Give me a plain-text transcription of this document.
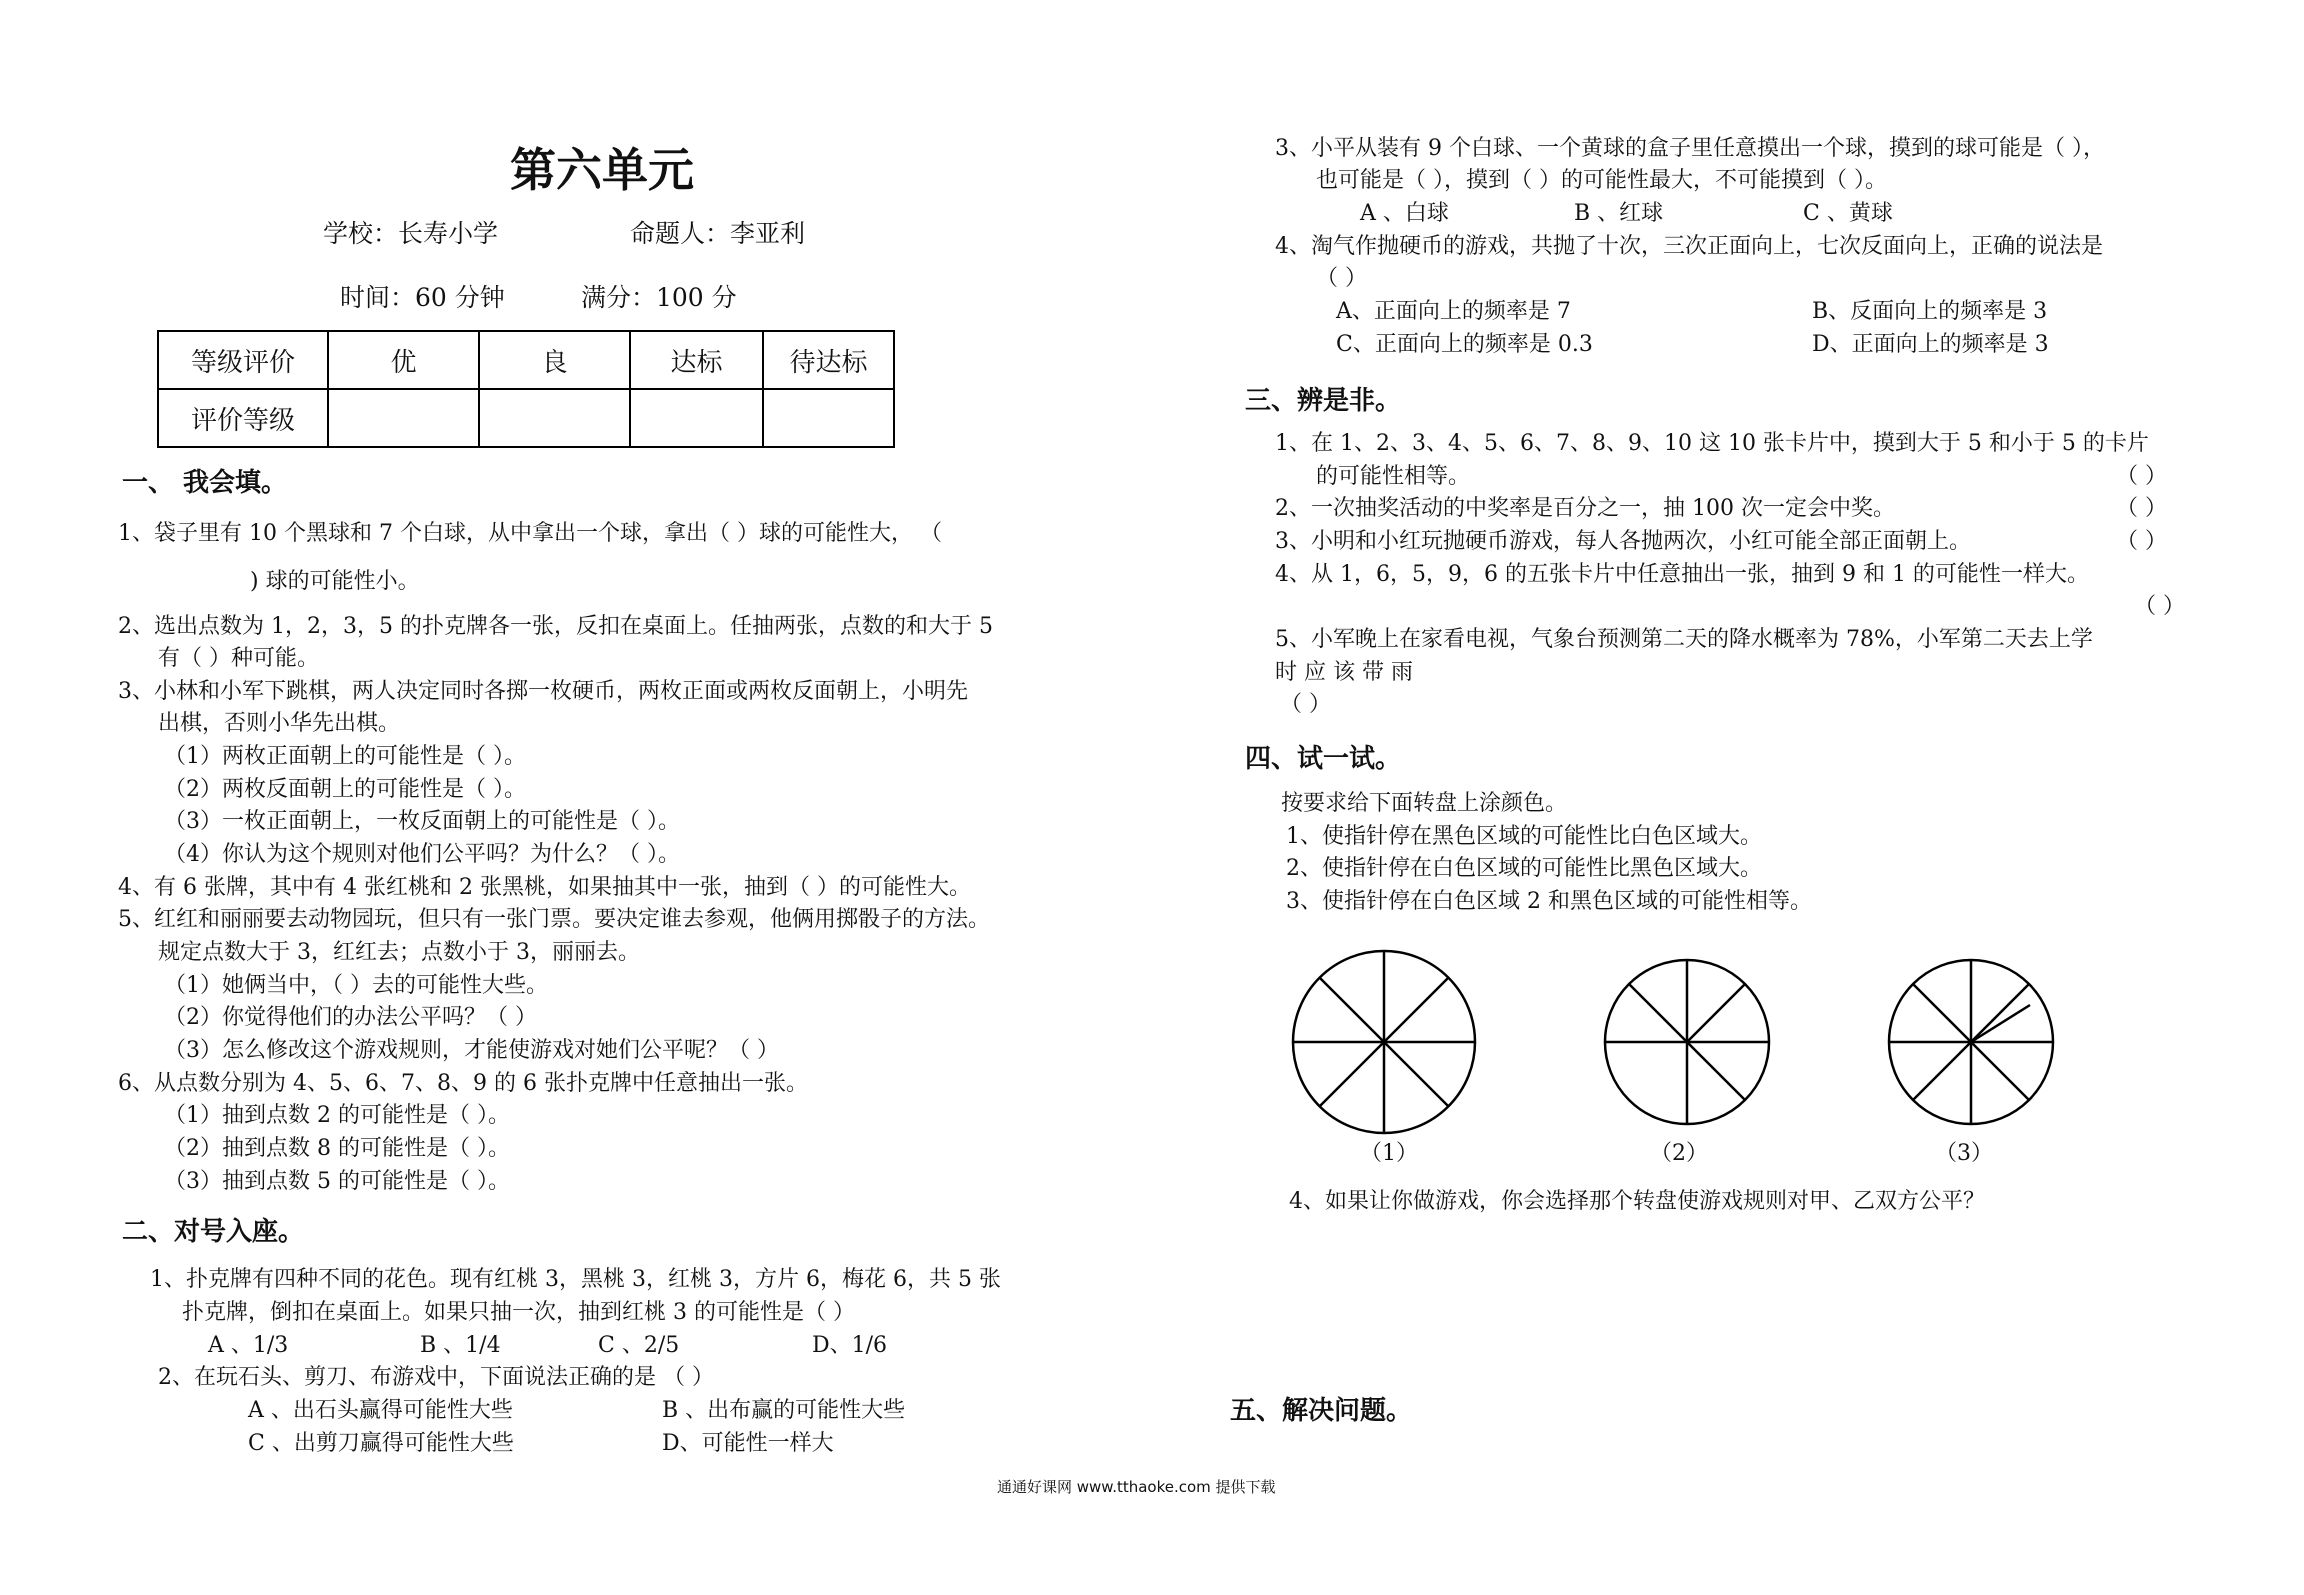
第六单元
学校：长寿小学	命题人：李亚利
时间：60 分钟	满分：100 分
等级评价	优	良	达标	待达标
评价等级				
一、 我会填。
1、袋子里有 10 个黑球和 7 个白球，从中拿出一个球，拿出（ ）球的可能性大， （
) 球的可能性小。
2、选出点数为 1，2，3，5 的扑克牌各一张，反扣在桌面上。任抽两张，点数的和大于 5
有（ ）种可能。
3、小林和小军下跳棋，两人决定同时各掷一枚硬币，两枚正面或两枚反面朝上，小明先
出棋，否则小华先出棋。
（1）两枚正面朝上的可能性是（ ）。
（2）两枚反面朝上的可能性是（ ）。
（3）一枚正面朝上，一枚反面朝上的可能性是（ ）。
（4）你认为这个规则对他们公平吗？为什么？（ ）。
4、有 6 张牌，其中有 4 张红桃和 2 张黑桃，如果抽其中一张，抽到（ ）的可能性大。
5、红红和丽丽要去动物园玩，但只有一张门票。要决定谁去参观，他俩用掷骰子的方法。
规定点数大于 3，红红去；点数小于 3，丽丽去。
（1）她俩当中，（ ）去的可能性大些。
（2）你觉得他们的办法公平吗？（ ）
（3）怎么修改这个游戏规则，才能使游戏对她们公平呢？（ ）
6、从点数分别为 4、5、6、7、8、9 的 6 张扑克牌中任意抽出一张。
（1）抽到点数 2 的可能性是（ ）。
（2）抽到点数 8 的可能性是（ ）。
（3）抽到点数 5 的可能性是（ ）。
二、对号入座。
1、扑克牌有四种不同的花色。现有红桃 3，黑桃 3，红桃 3，方片 6，梅花 6，共 5 张
扑克牌，倒扣在桌面上。如果只抽一次，抽到红桃 3 的可能性是（ ）
A 、1/3	B 、1/4	C 、2/5	D、1/6
2、在玩石头、剪刀、布游戏中，下面说法正确的是 （ ）
A 、出石头赢得可能性大些	B 、出布赢的可能性大些
C 、出剪刀赢得可能性大些	D、可能性一样大
3、小平从装有 9 个白球、一个黄球的盒子里任意摸出一个球，摸到的球可能是（ ），
也可能是（ ），摸到（ ）的可能性最大，不可能摸到（ ）。
A 、白球	B 、红球	C 、黄球
4、淘气作抛硬币的游戏，共抛了十次，三次正面向上，七次反面向上，正确的说法是
（ ）
A、正面向上的频率是 7	B、反面向上的频率是 3
C、正面向上的频率是 0.3	D、正面向上的频率是 3
三、辨是非。
1、在 1、2、3、4、5、6、7、8、9、10 这 10 张卡片中，摸到大于 5 和小于 5 的卡片
的可能性相等。	（ ）
2、一次抽奖活动的中奖率是百分之一，抽 100 次一定会中奖。	（ ）
3、小明和小红玩抛硬币游戏，每人各抛两次，小红可能全部正面朝上。	（ ）
4、从 1，6，5，9，6 的五张卡片中任意抽出一张，抽到 9 和 1 的可能性一样大。
（ ）
5、小军晚上在家看电视，气象台预测第二天的降水概率为 78%，小军第二天去上学
时 应 该 带 雨
（ ）
四、试一试。
按要求给下面转盘上涂颜色。
1、使指针停在黑色区域的可能性比白色区域大。
2、使指针停在白色区域的可能性比黑色区域大。
3、使指针停在白色区域 2 和黑色区域的可能性相等。
（1）	（2）	（3）
4、如果让你做游戏，你会选择那个转盘使游戏规则对甲、乙双方公平？
五、解决问题。
通通好课网 www.tthaoke.com 提供下载
